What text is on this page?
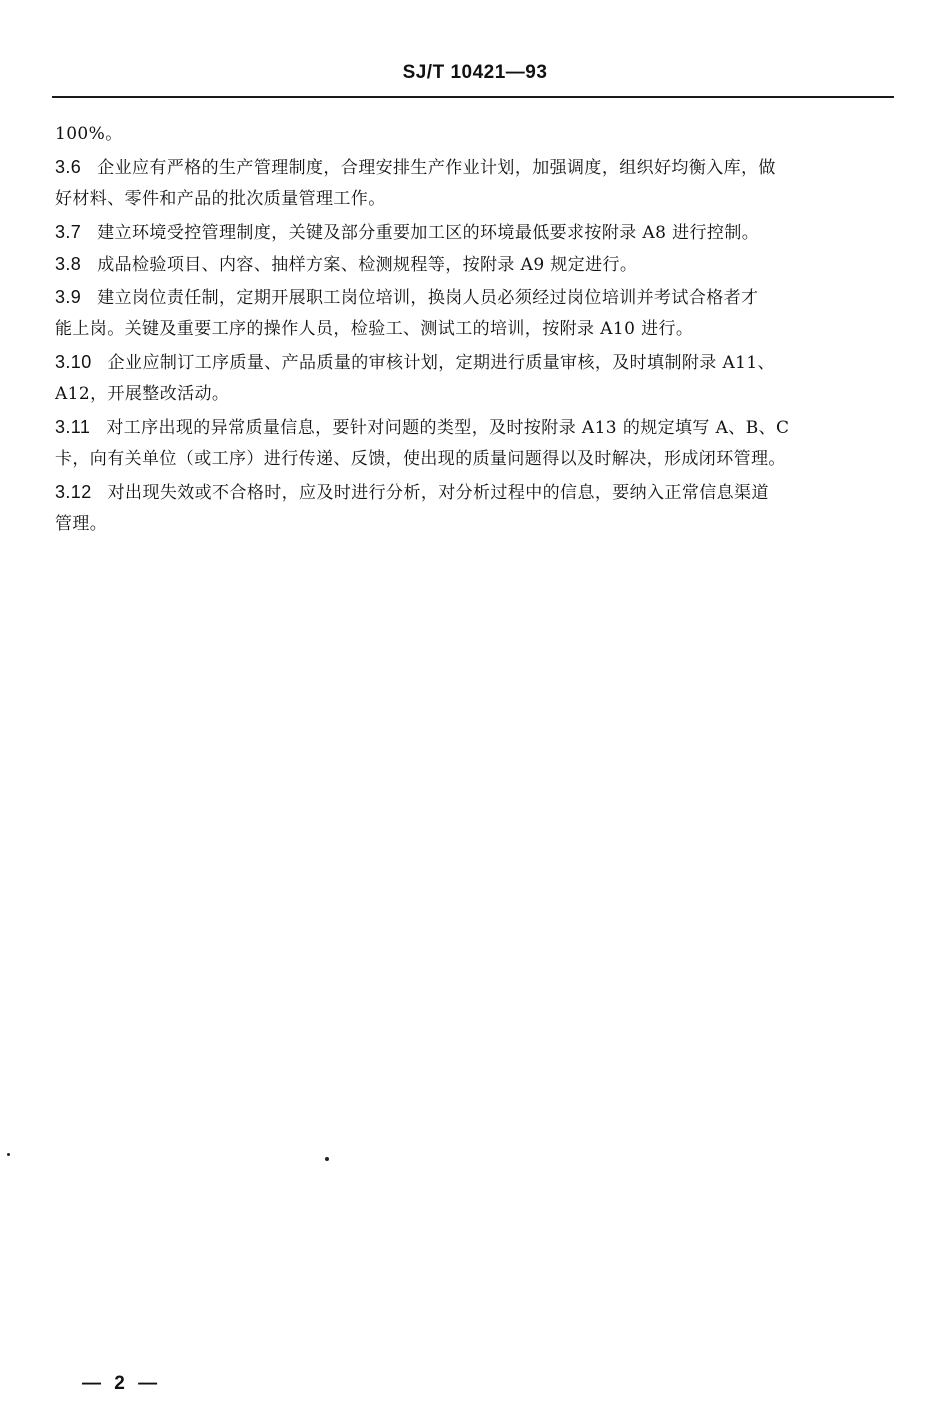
SJ/T 10421—93
100%。
3.6 企业应有严格的生产管理制度，合理安排生产作业计划，加强调度，组织好均衡入库，做
好材料、零件和产品的批次质量管理工作。
3.7 建立环境受控管理制度，关键及部分重要加工区的环境最低要求按附录 A8 进行控制。
3.8 成品检验项目、内容、抽样方案、检测规程等，按附录 A9 规定进行。
3.9 建立岗位责任制，定期开展职工岗位培训，换岗人员必须经过岗位培训并考试合格者才
能上岗。关键及重要工序的操作人员，检验工、测试工的培训，按附录 A10 进行。
3.10 企业应制订工序质量、产品质量的审核计划，定期进行质量审核，及时填制附录 A11、
A12，开展整改活动。
3.11 对工序出现的异常质量信息，要针对问题的类型，及时按附录 A13 的规定填写 A、B、C
卡，向有关单位（或工序）进行传递、反馈，使出现的质量问题得以及时解决，形成闭环管理。
3.12 对出现失效或不合格时，应及时进行分析，对分析过程中的信息，要纳入正常信息渠道
管理。
— 2 —
